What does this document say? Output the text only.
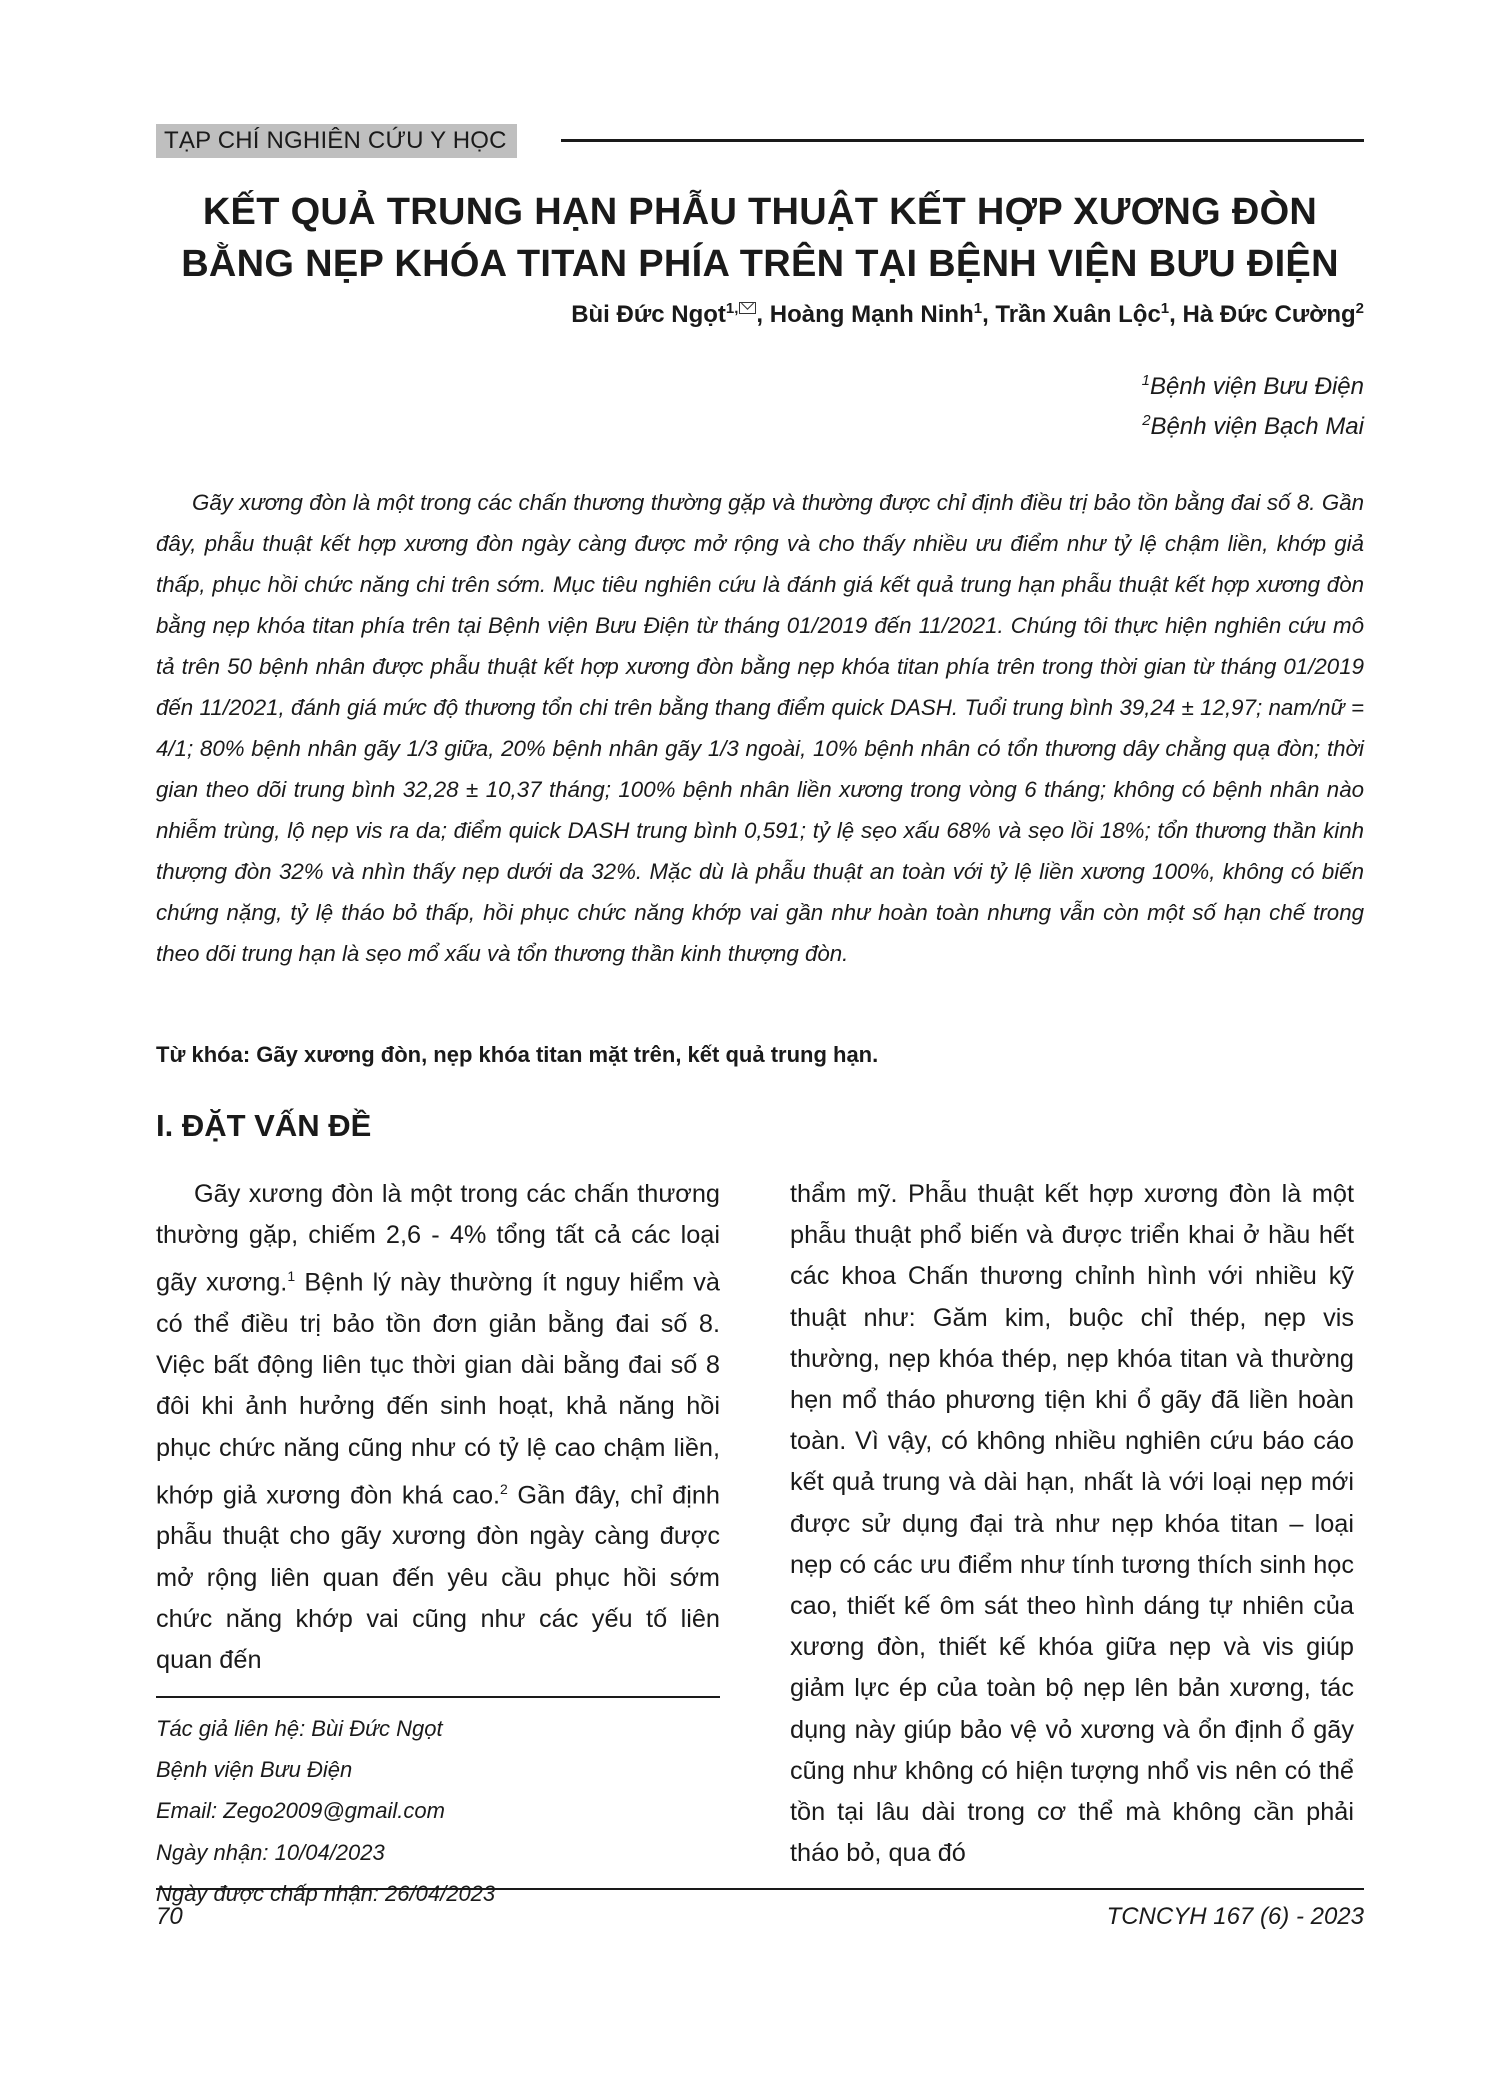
TẠP CHÍ NGHIÊN CỨU Y HỌC
KẾT QUẢ TRUNG HẠN PHẪU THUẬT KẾT HỢP XƯƠNG ĐÒN
BẰNG NẸP KHÓA TITAN PHÍA TRÊN TẠI BỆNH VIỆN BƯU ĐIỆN
Bùi Đức Ngọt$^{1,}$ , Hoàng Mạnh Ninh$^1$, Trần Xuân Lộc$^1$, Hà Đức Cường$^2$
$^1$Bệnh viện Bưu Điện
$^2$Bệnh viện Bạch Mai

Gãy xương đòn là một trong các chấn thương thường gặp và thường được chỉ định điều trị bảo tồn bằng đai số 8. Gần đây, phẫu thuật kết hợp xương đòn ngày càng được mở rộng và cho thấy nhiều ưu điểm như tỷ lệ chậm liền, khớp giả thấp, phục hồi chức năng chi trên sớm. Mục tiêu nghiên cứu là đánh giá kết quả trung hạn phẫu thuật kết hợp xương đòn bằng nẹp khóa titan phía trên tại Bệnh viện Bưu Điện từ tháng 01/2019 đến 11/2021. Chúng tôi thực hiện nghiên cứu mô tả trên 50 bệnh nhân được phẫu thuật kết hợp xương đòn bằng nẹp khóa titan phía trên trong thời gian từ tháng 01/2019 đến 11/2021, đánh giá mức độ thương tổn chi trên bằng thang điểm quick DASH. Tuổi trung bình 39,24 ± 12,97; nam/nữ = 4/1; 80% bệnh nhân gãy 1/3 giữa, 20% bệnh nhân gãy 1/3 ngoài, 10% bệnh nhân có tổn thương dây chằng quạ đòn; thời gian theo dõi trung bình 32,28 ± 10,37 tháng; 100% bệnh nhân liền xương trong vòng 6 tháng; không có bệnh nhân nào nhiễm trùng, lộ nẹp vis ra da; điểm quick DASH trung bình 0,591; tỷ lệ sẹo xấu 68% và sẹo lồi 18%; tổn thương thần kinh thượng đòn 32% và nhìn thấy nẹp dưới da 32%. Mặc dù là phẫu thuật an toàn với tỷ lệ liền xương 100%, không có biến chứng nặng, tỷ lệ tháo bỏ thấp, hồi phục chức năng khớp vai gần như hoàn toàn nhưng vẫn còn một số hạn chế trong theo dõi trung hạn là sẹo mổ xấu và tổn thương thần kinh thượng đòn.

Từ khóa: Gãy xương đòn, nẹp khóa titan mặt trên, kết quả trung hạn.
I. ĐẶT VẤN ĐỀ
Gãy xương đòn là một trong các chấn thương thường gặp, chiếm 2,6 - 4% tổng tất cả các loại gãy xương.$^1$ Bệnh lý này thường ít nguy hiểm và có thể điều trị bảo tồn đơn giản bằng đai số 8. Việc bất động liên tục thời gian dài bằng đai số 8 đôi khi ảnh hưởng đến sinh hoạt, khả năng hồi phục chức năng cũng như có tỷ lệ cao chậm liền, khớp giả xương đòn khá cao.$^2$ Gần đây, chỉ định phẫu thuật cho gãy xương đòn ngày càng được mở rộng liên quan đến yêu cầu phục hồi sớm chức năng khớp vai cũng như các yếu tố liên quan đến
thẩm mỹ. Phẫu thuật kết hợp xương đòn là một phẫu thuật phổ biến và được triển khai ở hầu hết các khoa Chấn thương chỉnh hình với nhiều kỹ thuật như: Găm kim, buộc chỉ thép, nẹp vis thường, nẹp khóa thép, nẹp khóa titan và thường hẹn mổ tháo phương tiện khi ổ gãy đã liền hoàn toàn. Vì vậy, có không nhiều nghiên cứu báo cáo kết quả trung và dài hạn, nhất là với loại nẹp mới được sử dụng đại trà như nẹp khóa titan – loại nẹp có các ưu điểm như tính tương thích sinh học cao, thiết kế ôm sát theo hình dáng tự nhiên của xương đòn, thiết kế khóa giữa nẹp và vis giúp giảm lực ép của toàn bộ nẹp lên bản xương, tác dụng này giúp bảo vệ vỏ xương và ổn định ổ gãy cũng như không có hiện tượng nhổ vis nên có thể tồn tại lâu dài trong cơ thể mà không cần phải tháo bỏ, qua đó
Tác giả liên hệ: Bùi Đức Ngọt
Bệnh viện Bưu Điện
Email: Zego2009@gmail.com
Ngày nhận: 10/04/2023
Ngày được chấp nhận: 26/04/2023
70	TCNCYH 167 (6) - 2023
